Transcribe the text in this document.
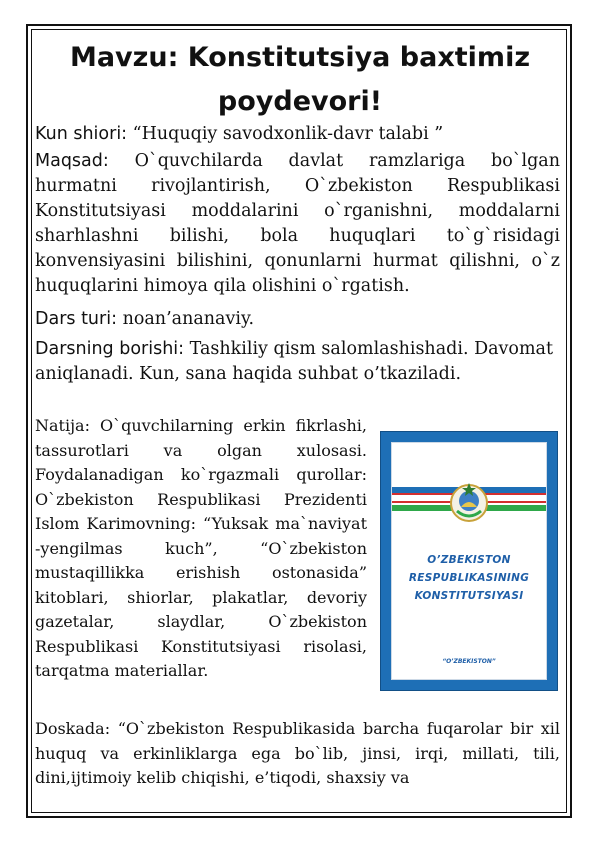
Mavzu: Konstitutsiya baxtimiz poydevori!
Kun shiori: “Huquqiy savodxonlik-davr talabi ”
Maqsad: O`quvchilarda davlat ramzlariga bo`lgan hurmatni rivojlantirish, O`zbekiston Respublikasi Konstitutsiyasi moddalarini o`rganishni, moddalarni sharhlashni bilishi, bola huquqlari to`g`risidagi konvensiyasini bilishini, qonunlarni hurmat qilishni, o`z huquqlarini himoya qila olishini o`rgatish.
Dars turi: noan’ananaviy.
Darsning borishi: Tashkiliy qism salomlashishadi. Davomat aniqlanadi. Kun, sana haqida suhbat o’tkaziladi.
Natija: O`quvchilarning erkin fikrlashi, tassurotlari va olgan xulosasi. Foydalanadigan ko`rgazmali qurollar: O`zbekiston Respublikasi Prezidenti Islom Karimovning: “Yuksak ma`naviyat -yengilmas kuch”, “O`zbekiston mustaqillikka erishish ostonasida” kitoblari, shiorlar, plakatlar, devoriy gazetalar, slaydlar, O`zbekiston Respublikasi Konstitutsiyasi risolasi, tarqatma materiallar.
O’ZBEKISTON
RESPUBLIKASINING
KONSTITUTSIYASI
“O’ZBEKISTON”
Doskada: “O`zbekiston Respublikasida barcha fuqarolar bir xil huquq va erkinliklarga ega bo`lib, jinsi, irqi, millati, tili, dini,ijtimoiy kelib chiqishi, e’tiqodi, shaxsiy va
